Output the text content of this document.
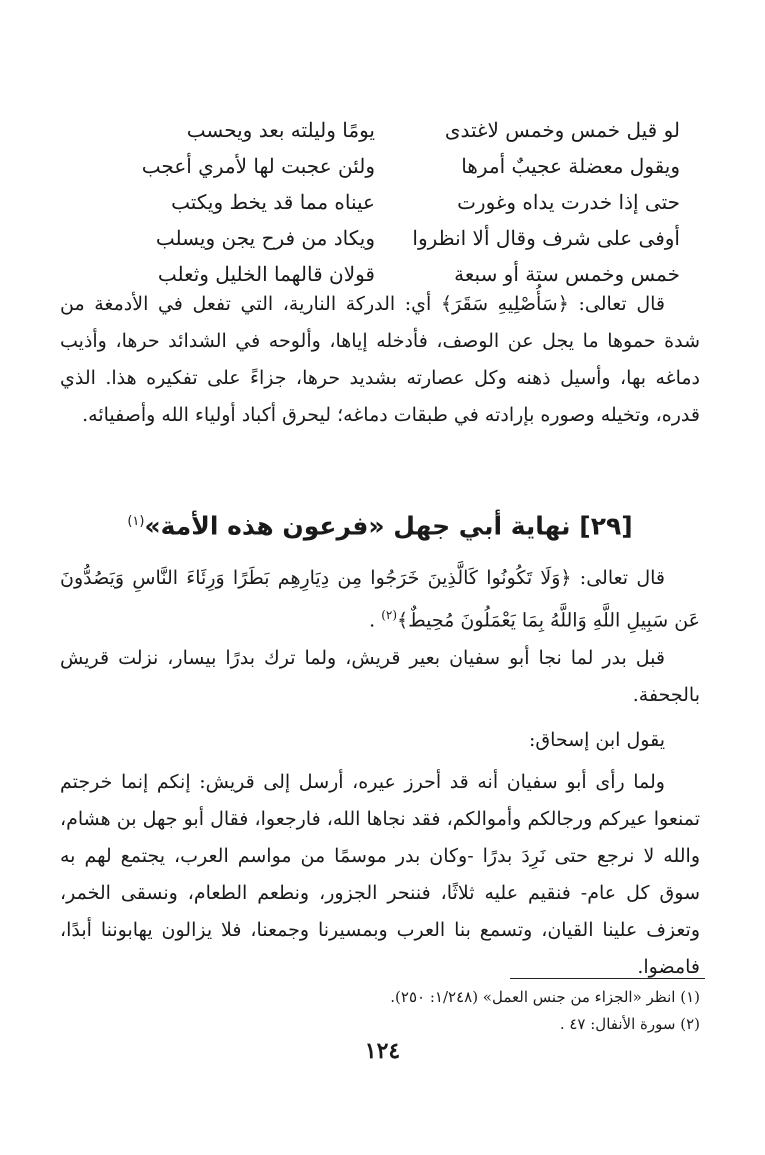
لو قيل خمس وخمس لاغتدى
يومًا وليلته بعد ويحسب
ويقول معضلة عجيبٌ أمرها
ولئن عجبت لها لأمري أعجب
حتى إذا خدرت يداه وغورت
عيناه مما قد يخط ويكتب
أوفى على شرف وقال ألا انظروا
ويكاد من فرح يجن ويسلب
خمس وخمس ستة أو سبعة
قولان قالهما الخليل وثعلب

قال تعالى: ﴿سَأُصْلِيهِ سَقَرَ﴾ أي: الدركة النارية، التي تفعل في الأدمغة من شدة حموها ما يجل عن الوصف، فأدخله إياها، وألوحه في الشدائد حرها، وأذيب دماغه بها، وأسيل ذهنه وكل عصارته بشديد حرها، جزاءً على تفكيره هذا. الذي قدره، وتخيله وصوره بإرادته في طبقات دماغه؛ ليحرق أكباد أولياء الله وأصفيائه.

[٢٩] نهاية أبي جهل «فرعون هذه الأمة»$^{(١)}$

قال تعالى: ﴿وَلَا تَكُونُوا كَالَّذِينَ خَرَجُوا مِن دِيَارِهِم بَطَرًا وَرِئَاءَ النَّاسِ وَيَصُدُّونَ عَن سَبِيلِ اللَّهِ وَاللَّهُ بِمَا يَعْمَلُونَ مُحِيطٌ﴾$^{(٢)}$ .

قبل بدر لما نجا أبو سفيان بعير قريش، ولما ترك بدرًا بيسار، نزلت قريش بالجحفة.

يقول ابن إسحاق:

ولما رأى أبو سفيان أنه قد أحرز عيره، أرسل إلى قريش: إنكم إنما خرجتم تمنعوا عيركم ورجالكم وأموالكم، فقد نجاها الله، فارجعوا، فقال أبو جهل بن هشام، والله لا نرجع حتى نَرِدَ بدرًا -وكان بدر موسمًا من مواسم العرب، يجتمع لهم به سوق كل عام- فنقيم عليه ثلاثًا، فننحر الجزور، ونطعم الطعام، ونسقى الخمر، وتعزف علينا القيان، وتسمع بنا العرب وبمسيرنا وجمعنا، فلا يزالون يهابوننا أبدًا، فامضوا.

(١) انظر «الجزاء من جنس العمل» (١/٢٤٨: ٢٥٠).

(٢) سورة الأنفال: ٤٧ .

١٢٤
